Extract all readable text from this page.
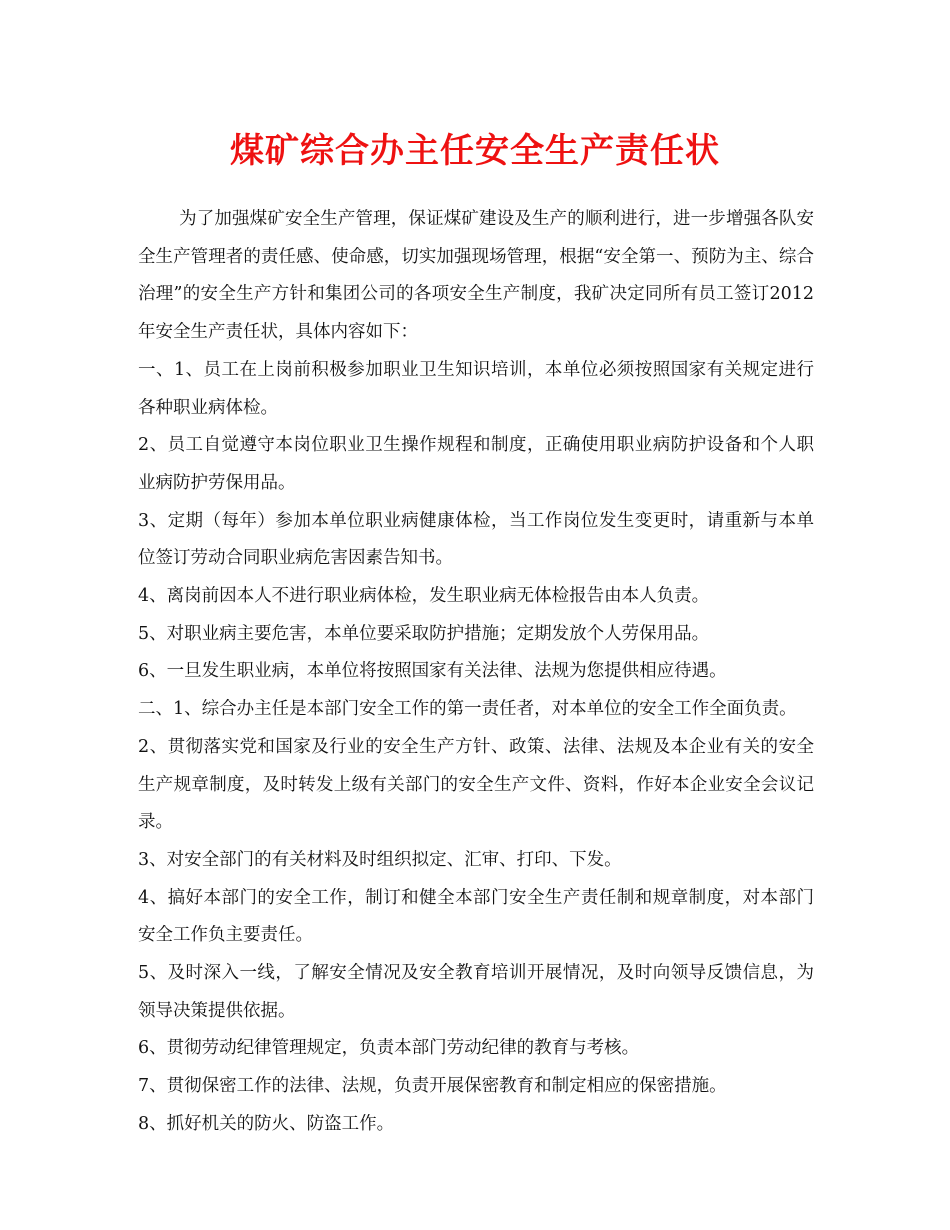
煤矿综合办主任安全生产责任状

为了加强煤矿安全生产管理，保证煤矿建设及生产的顺利进行，进一步增强各队安全生产管理者的责任感、使命感，切实加强现场管理，根据“安全第一、预防为主、综合治理”的安全生产方针和集团公司的各项安全生产制度，我矿决定同所有员工签订2012年安全生产责任状，具体内容如下：

一、1、员工在上岗前积极参加职业卫生知识培训，本单位必须按照国家有关规定进行各种职业病体检。

2、员工自觉遵守本岗位职业卫生操作规程和制度，正确使用职业病防护设备和个人职业病防护劳保用品。

3、定期（每年）参加本单位职业病健康体检，当工作岗位发生变更时，请重新与本单位签订劳动合同职业病危害因素告知书。

4、离岗前因本人不进行职业病体检，发生职业病无体检报告由本人负责。

5、对职业病主要危害，本单位要采取防护措施；定期发放个人劳保用品。

6、一旦发生职业病，本单位将按照国家有关法律、法规为您提供相应待遇。

二、1、综合办主任是本部门安全工作的第一责任者，对本单位的安全工作全面负责。

2、贯彻落实党和国家及行业的安全生产方针、政策、法律、法规及本企业有关的安全生产规章制度，及时转发上级有关部门的安全生产文件、资料，作好本企业安全会议记录。

3、对安全部门的有关材料及时组织拟定、汇审、打印、下发。

4、搞好本部门的安全工作，制订和健全本部门安全生产责任制和规章制度，对本部门安全工作负主要责任。

5、及时深入一线，了解安全情况及安全教育培训开展情况，及时向领导反馈信息，为领导决策提供依据。

6、贯彻劳动纪律管理规定，负责本部门劳动纪律的教育与考核。

7、贯彻保密工作的法律、法规，负责开展保密教育和制定相应的保密措施。

8、抓好机关的防火、防盗工作。
